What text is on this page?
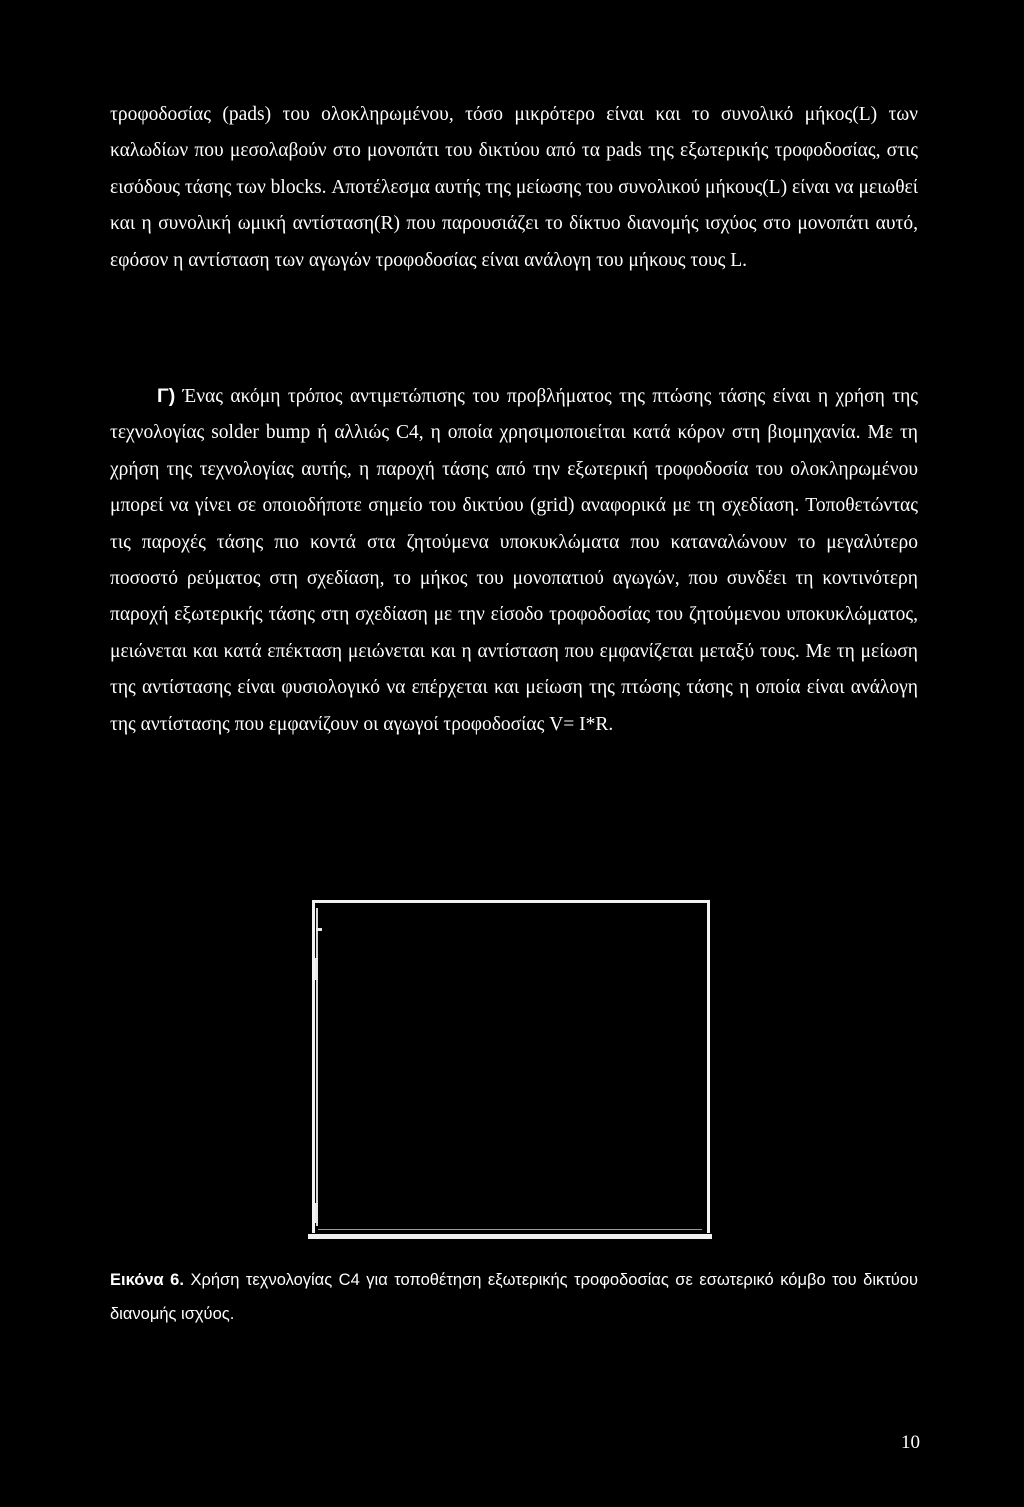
τροφοδοσίας (pads) του ολοκληρωμένου, τόσο μικρότερο είναι και το συνολικό μήκος(L) των καλωδίων που μεσολαβούν στο μονοπάτι του δικτύου από τα pads της εξωτερικής τροφοδοσίας, στις εισόδους τάσης των blocks. Αποτέλεσμα αυτής της μείωσης του συνολικού μήκους(L) είναι να μειωθεί και η συνολική ωμική αντίσταση(R) που παρουσιάζει το δίκτυο διανομής ισχύος στο μονοπάτι αυτό, εφόσον η αντίσταση των αγωγών τροφοδοσίας είναι ανάλογη του μήκους τους L.

Γ) Ένας ακόμη τρόπος αντιμετώπισης του προβλήματος της πτώσης τάσης είναι η χρήση της τεχνολογίας solder bump ή αλλιώς C4, η οποία χρησιμοποιείται κατά κόρον στη βιομηχανία. Με τη χρήση της τεχνολογίας αυτής, η παροχή τάσης από την εξωτερική τροφοδοσία του ολοκληρωμένου μπορεί να γίνει σε οποιοδήποτε σημείο του δικτύου (grid) αναφορικά με τη σχεδίαση. Τοποθετώντας τις παροχές τάσης πιο κοντά στα ζητούμενα υποκυκλώματα που καταναλώνουν το μεγαλύτερο ποσοστό ρεύματος στη σχεδίαση, το μήκος του μονοπατιού αγωγών, που συνδέει τη κοντινότερη παροχή εξωτερικής τάσης στη σχεδίαση με την είσοδο τροφοδοσίας του ζητούμενου υποκυκλώματος, μειώνεται και κατά επέκταση μειώνεται και η αντίσταση που εμφανίζεται μεταξύ τους. Με τη μείωση της αντίστασης είναι φυσιολογικό να επέρχεται και μείωση της πτώσης τάσης η οποία είναι ανάλογη της αντίστασης που εμφανίζουν οι αγωγοί τροφοδοσίας V= I*R.

Εικόνα 6. Χρήση τεχνολογίας C4 για τοποθέτηση εξωτερικής τροφοδοσίας σε εσωτερικό κόμβο του δικτύου διανομής ισχύος.

10
